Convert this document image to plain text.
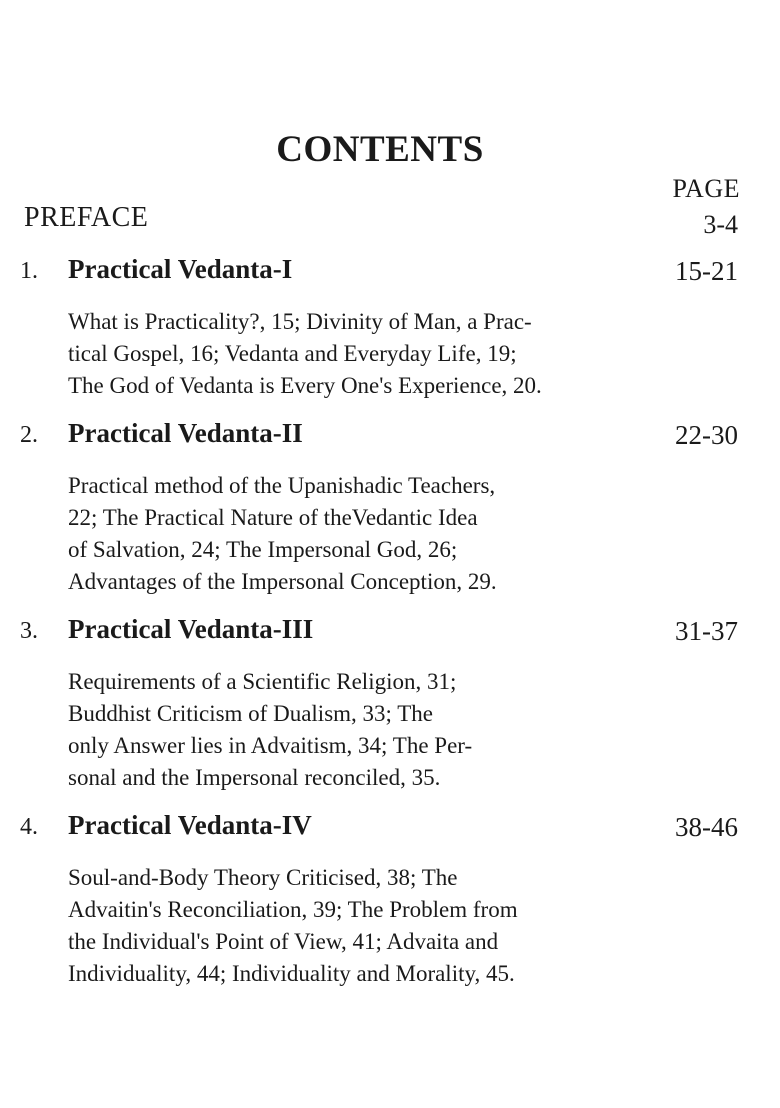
CONTENTS
PAGE
PREFACE	3-4
1. Practical Vedanta-I	15-21
What is Practicality?, 15; Divinity of Man, a Prac-
tical Gospel, 16; Vedanta and Everyday Life, 19;
The God of Vedanta is Every One's Experience, 20.
2. Practical Vedanta-II	22-30
Practical method of the Upanishadic Teachers,
22; The Practical Nature of theVedantic Idea
of Salvation, 24; The Impersonal God, 26;
Advantages of the Impersonal Conception, 29.
3. Practical Vedanta-III	31-37
Requirements of a Scientific Religion, 31;
Buddhist Criticism of Dualism, 33; The
only Answer lies in Advaitism, 34; The Per-
sonal and the Impersonal reconciled, 35.
4. Practical Vedanta-IV	38-46
Soul-and-Body Theory Criticised, 38; The
Advaitin's Reconciliation, 39; The Problem from
the Individual's Point of View, 41; Advaita and
Individuality, 44; Individuality and Morality, 45.
